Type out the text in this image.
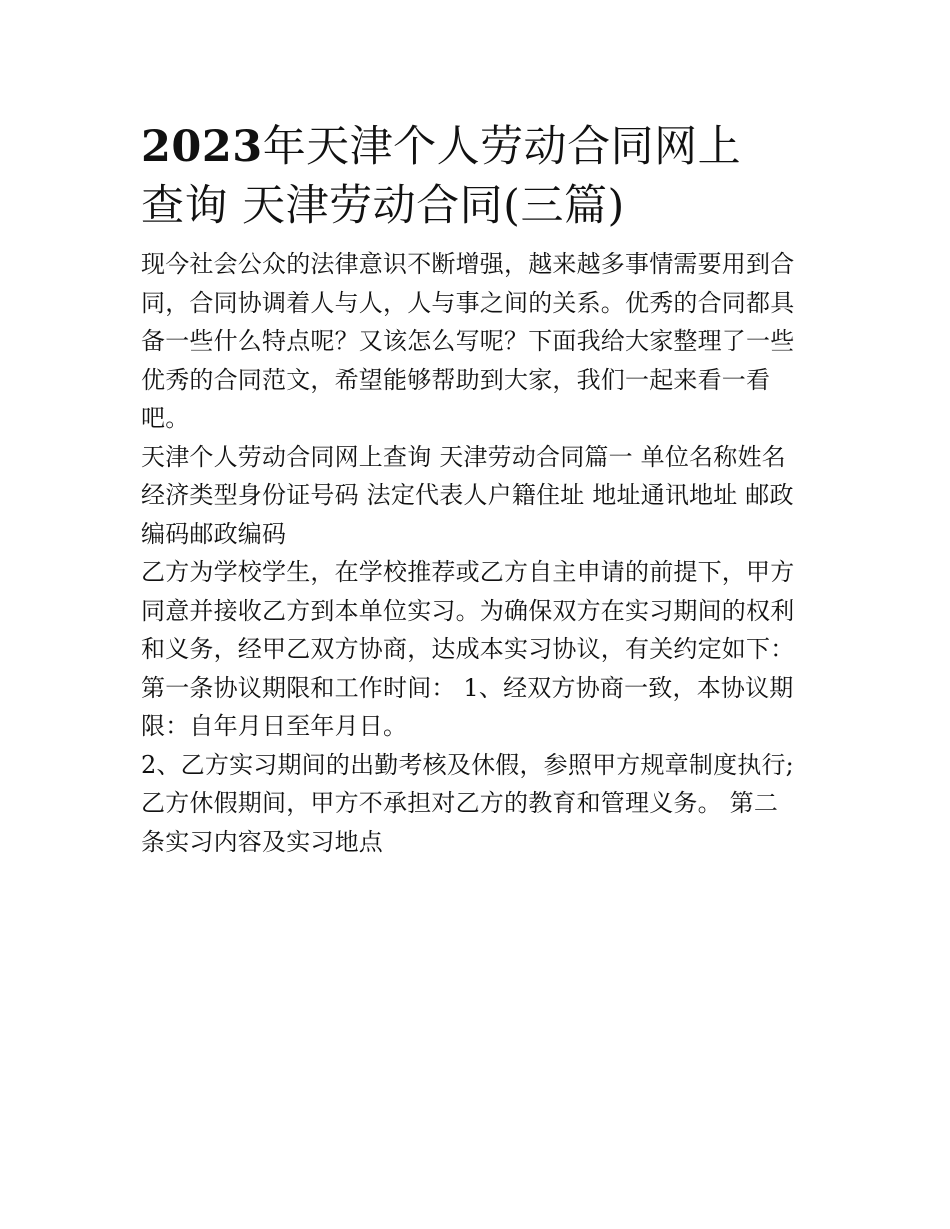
2023年天津个人劳动合同网上
查询 天津劳动合同(三篇)

现今社会公众的法律意识不断增强，越来越多事情需要用到合
同，合同协调着人与人，人与事之间的关系。优秀的合同都具
备一些什么特点呢？又该怎么写呢？下面我给大家整理了一些
优秀的合同范文，希望能够帮助到大家，我们一起来看一看
吧。

天津个人劳动合同网上查询 天津劳动合同篇一 单位名称姓名
经济类型身份证号码 法定代表人户籍住址 地址通讯地址 邮政
编码邮政编码

乙方为学校学生，在学校推荐或乙方自主申请的前提下，甲方
同意并接收乙方到本单位实习。为确保双方在实习期间的权利
和义务，经甲乙双方协商，达成本实习协议，有关约定如下：
第一条协议期限和工作时间： 1、经双方协商一致，本协议期
限：自年月日至年月日。

2、乙方实习期间的出勤考核及休假，参照甲方规章制度执行;
乙方休假期间，甲方不承担对乙方的教育和管理义务。 第二
条实习内容及实习地点
